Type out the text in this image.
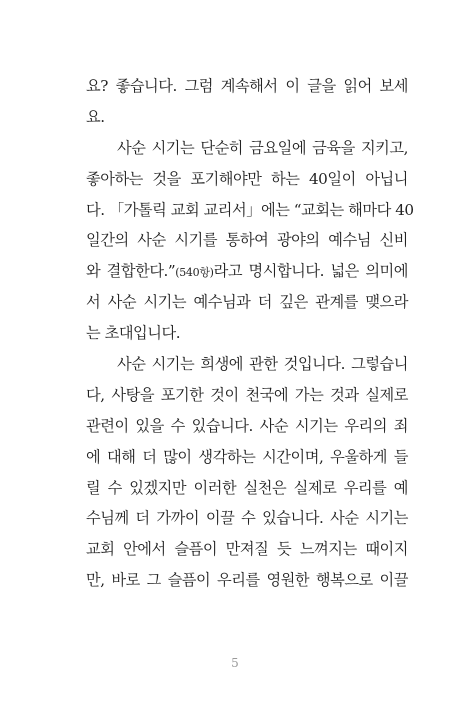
요? 좋습니다. 그럼 계속해서 이 글을 읽어 보세
요.
사순 시기는 단순히 금요일에 금육을 지키고,
좋아하는 것을 포기해야만 하는 40일이 아닙니
다. 「가톨릭 교회 교리서」에는 “교회는 해마다 40
일간의 사순 시기를 통하여 광야의 예수님 신비
와 결합한다.”(540항)라고 명시합니다. 넓은 의미에
서 사순 시기는 예수님과 더 깊은 관계를 맺으라
는 초대입니다.
사순 시기는 희생에 관한 것입니다. 그렇습니
다, 사탕을 포기한 것이 천국에 가는 것과 실제로
관련이 있을 수 있습니다. 사순 시기는 우리의 죄
에 대해 더 많이 생각하는 시간이며, 우울하게 들
릴 수 있겠지만 이러한 실천은 실제로 우리를 예
수님께 더 가까이 이끌 수 있습니다. 사순 시기는
교회 안에서 슬픔이 만져질 듯 느껴지는 때이지
만, 바로 그 슬픔이 우리를 영원한 행복으로 이끌
5
